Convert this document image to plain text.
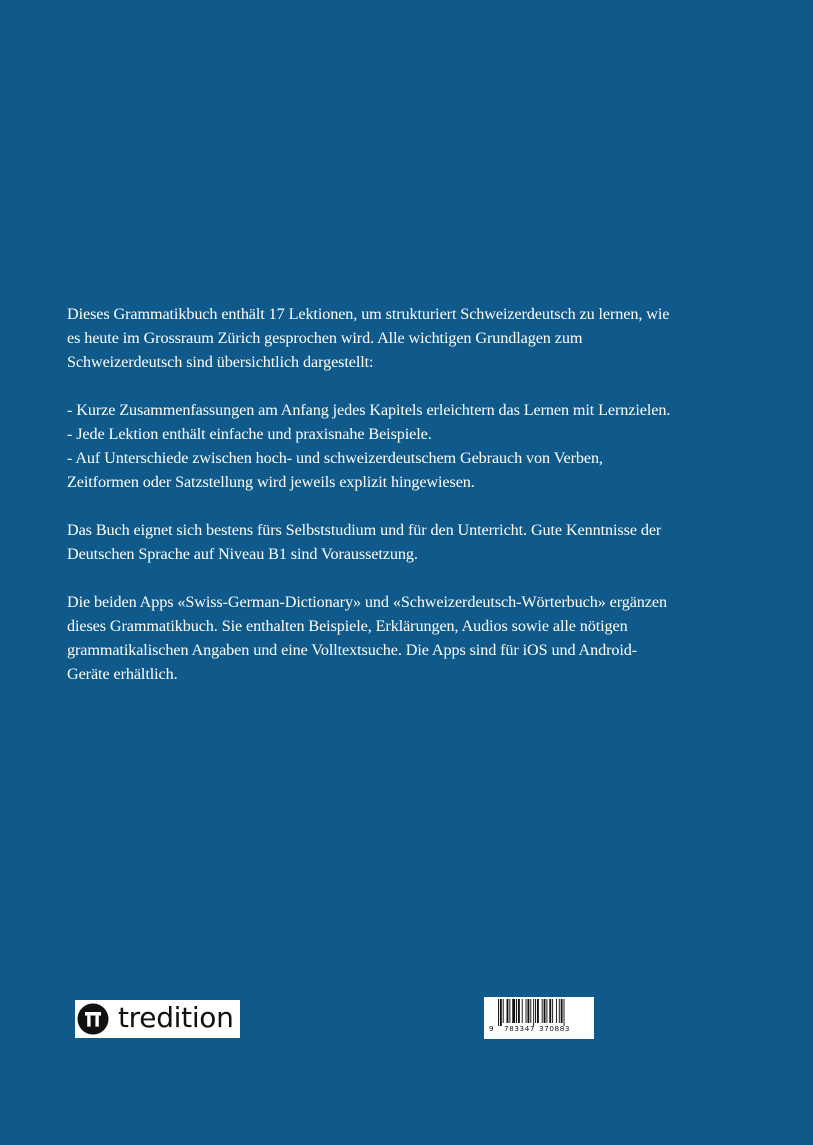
Dieses Grammatikbuch enthält 17 Lektionen, um strukturiert Schweizerdeutsch zu lernen, wie
es heute im Grossraum Zürich gesprochen wird. Alle wichtigen Grundlagen zum
Schweizerdeutsch sind übersichtlich dargestellt:

- Kurze Zusammenfassungen am Anfang jedes Kapitels erleichtern das Lernen mit Lernzielen.
- Jede Lektion enthält einfache und praxisnahe Beispiele.
- Auf Unterschiede zwischen hoch- und schweizerdeutschem Gebrauch von Verben,
Zeitformen oder Satzstellung wird jeweils explizit hingewiesen.

Das Buch eignet sich bestens fürs Selbststudium und für den Unterricht. Gute Kenntnisse der
Deutschen Sprache auf Niveau B1 sind Voraussetzung.

Die beiden Apps «Swiss-German-Dictionary» und «Schweizerdeutsch-Wörterbuch» ergänzen
dieses Grammatikbuch. Sie enthalten Beispiele, Erklärungen, Audios sowie alle nötigen
grammatikalischen Angaben und eine Volltextsuche. Die Apps sind für iOS und Android-
Geräte erhältlich.

tredition	9 783347 370883
